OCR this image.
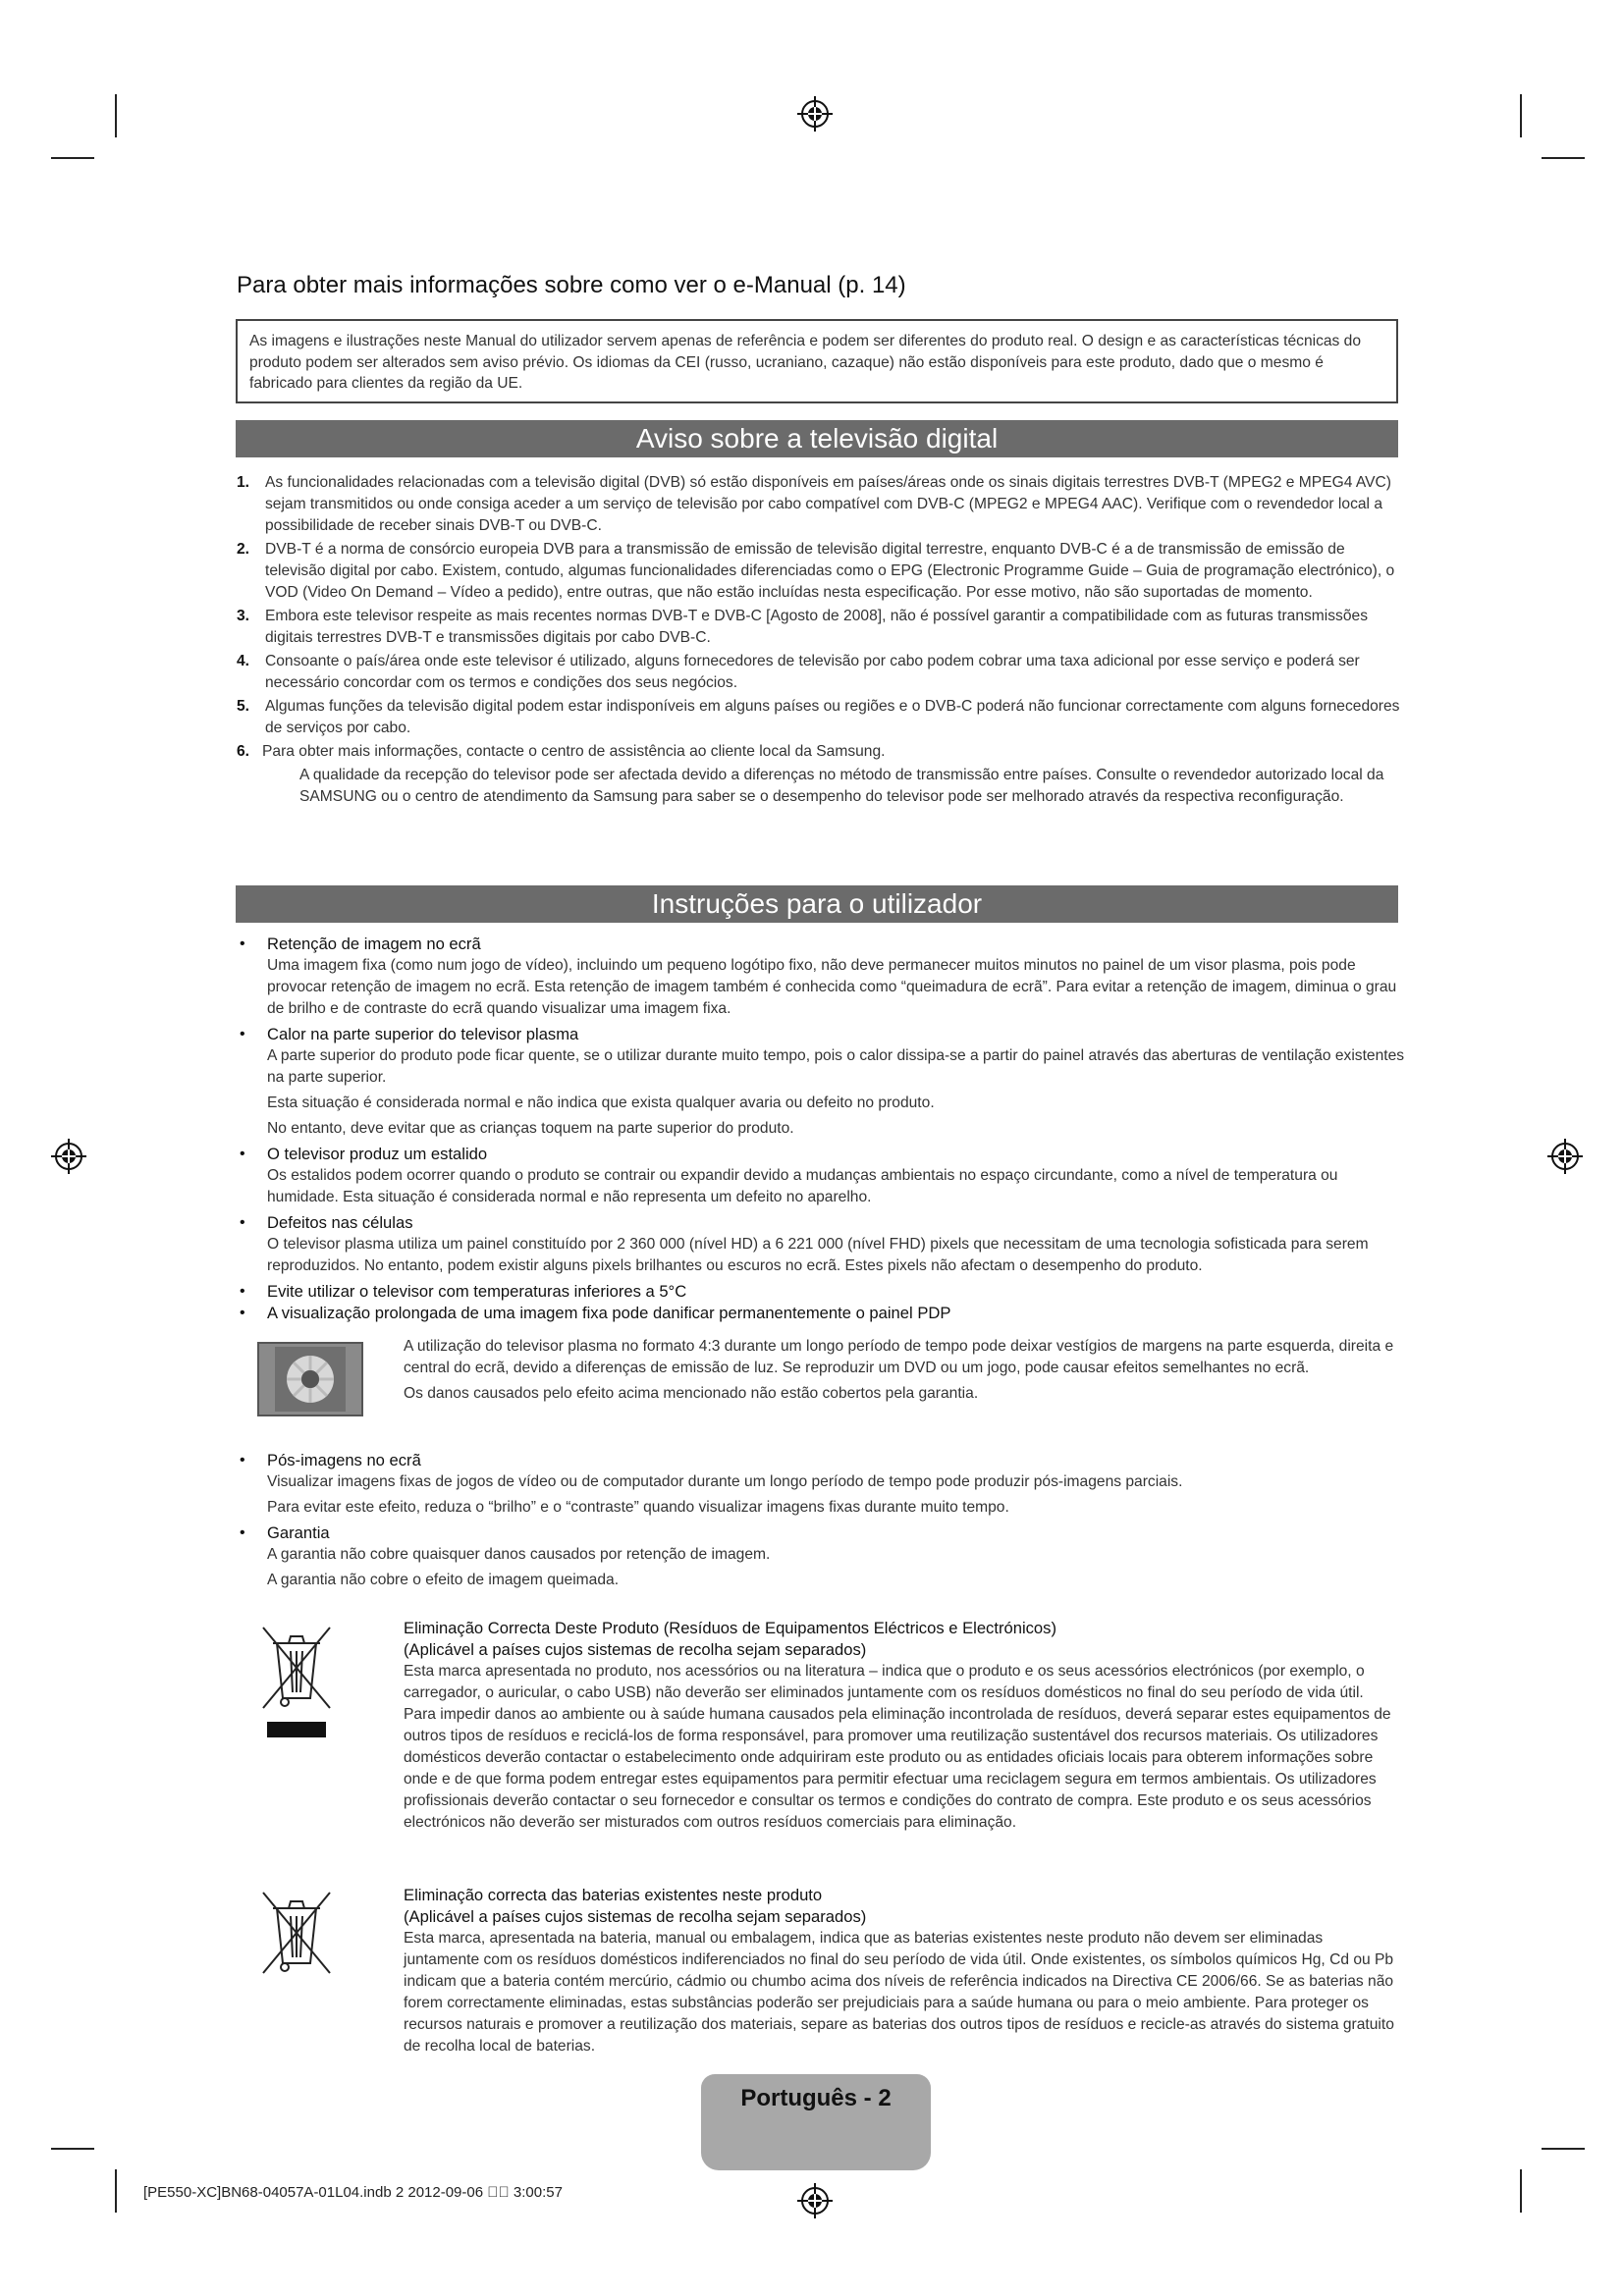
Para obter mais informações sobre como ver o e-Manual (p. 14)
As imagens e ilustrações neste Manual do utilizador servem apenas de referência e podem ser diferentes do produto real. O design e as características técnicas do produto podem ser alterados sem aviso prévio. Os idiomas da CEI (russo, ucraniano, cazaque) não estão disponíveis para este produto, dado que o mesmo é fabricado para clientes da região da UE.
Aviso sobre a televisão digital
1. As funcionalidades relacionadas com a televisão digital (DVB) só estão disponíveis em países/áreas onde os sinais digitais terrestres DVB-T (MPEG2 e MPEG4 AVC) sejam transmitidos ou onde consiga aceder a um serviço de televisão por cabo compatível com DVB-C (MPEG2 e MPEG4 AAC). Verifique com o revendedor local a possibilidade de receber sinais DVB-T ou DVB-C.
2. DVB-T é a norma de consórcio europeia DVB para a transmissão de emissão de televisão digital terrestre, enquanto DVB-C é a de transmissão de emissão de televisão digital por cabo. Existem, contudo, algumas funcionalidades diferenciadas como o EPG (Electronic Programme Guide – Guia de programação electrónico), o VOD (Video On Demand – Vídeo a pedido), entre outras, que não estão incluídas nesta especificação. Por esse motivo, não são suportadas de momento.
3. Embora este televisor respeite as mais recentes normas DVB-T e DVB-C [Agosto de 2008], não é possível garantir a compatibilidade com as futuras transmissões digitais terrestres DVB-T e transmissões digitais por cabo DVB-C.
4. Consoante o país/área onde este televisor é utilizado, alguns fornecedores de televisão por cabo podem cobrar uma taxa adicional por esse serviço e poderá ser necessário concordar com os termos e condições dos seus negócios.
5. Algumas funções da televisão digital podem estar indisponíveis em alguns países ou regiões e o DVB-C poderá não funcionar correctamente com alguns fornecedores de serviços por cabo.
6. Para obter mais informações, contacte o centro de assistência ao cliente local da Samsung.
A qualidade da recepção do televisor pode ser afectada devido a diferenças no método de transmissão entre países. Consulte o revendedor autorizado local da SAMSUNG ou o centro de atendimento da Samsung para saber se o desempenho do televisor pode ser melhorado através da respectiva reconfiguração.
Instruções para o utilizador
• Retenção de imagem no ecrã

Uma imagem fixa (como num jogo de vídeo), incluindo um pequeno logótipo fixo, não deve permanecer muitos minutos no painel de um visor plasma, pois pode provocar retenção de imagem no ecrã. Esta retenção de imagem também é conhecida como “queimadura de ecrã”. Para evitar a retenção de imagem, diminua o grau de brilho e de contraste do ecrã quando visualizar uma imagem fixa.

• Calor na parte superior do televisor plasma

A parte superior do produto pode ficar quente, se o utilizar durante muito tempo, pois o calor dissipa-se a partir do painel através das aberturas de ventilação existentes na parte superior.

Esta situação é considerada normal e não indica que exista qualquer avaria ou defeito no produto.

No entanto, deve evitar que as crianças toquem na parte superior do produto.

• O televisor produz um estalido

Os estalidos podem ocorrer quando o produto se contrair ou expandir devido a mudanças ambientais no espaço circundante, como a nível de temperatura ou humidade. Esta situação é considerada normal e não representa um defeito no aparelho.

• Defeitos nas células

O televisor plasma utiliza um painel constituído por 2 360 000 (nível HD) a 6 221 000 (nível FHD) pixels que necessitam de uma tecnologia sofisticada para serem reproduzidos. No entanto, podem existir alguns pixels brilhantes ou escuros no ecrã. Estes pixels não afectam o desempenho do produto.

• Evite utilizar o televisor com temperaturas inferiores a 5°C
• A visualização prolongada de uma imagem fixa pode danificar permanentemente o painel PDP

A utilização do televisor plasma no formato 4:3 durante um longo período de tempo pode deixar vestígios de margens na parte esquerda, direita e central do ecrã, devido a diferenças de emissão de luz. Se reproduzir um DVD ou um jogo, pode causar efeitos semelhantes no ecrã.

Os danos causados pelo efeito acima mencionado não estão cobertos pela garantia.

• Pós-imagens no ecrã

Visualizar imagens fixas de jogos de vídeo ou de computador durante um longo período de tempo pode produzir pós-imagens parciais.

Para evitar este efeito, reduza o “brilho” e o “contraste” quando visualizar imagens fixas durante muito tempo.

• Garantia

A garantia não cobre quaisquer danos causados por retenção de imagem.

A garantia não cobre o efeito de imagem queimada.

Eliminação Correcta Deste Produto (Resíduos de Equipamentos Eléctricos e Electrónicos)
(Aplicável a países cujos sistemas de recolha sejam separados)
Esta marca apresentada no produto, nos acessórios ou na literatura – indica que o produto e os seus acessórios electrónicos (por exemplo, o carregador, o auricular, o cabo USB) não deverão ser eliminados juntamente com os resíduos domésticos no final do seu período de vida útil. Para impedir danos ao ambiente ou à saúde humana causados pela eliminação incontrolada de resíduos, deverá separar estes equipamentos de outros tipos de resíduos e reciclá-los de forma responsável, para promover uma reutilização sustentável dos recursos materiais. Os utilizadores domésticos deverão contactar o estabelecimento onde adquiriram este produto ou as entidades oficiais locais para obterem informações sobre onde e de que forma podem entregar estes equipamentos para permitir efectuar uma reciclagem segura em termos ambientais. Os utilizadores profissionais deverão contactar o seu fornecedor e consultar os termos e condições do contrato de compra. Este produto e os seus acessórios electrónicos não deverão ser misturados com outros resíduos comerciais para eliminação.
Eliminação correcta das baterias existentes neste produto
(Aplicável a países cujos sistemas de recolha sejam separados)
Esta marca, apresentada na bateria, manual ou embalagem, indica que as baterias existentes neste produto não devem ser eliminadas juntamente com os resíduos domésticos indiferenciados no final do seu período de vida útil. Onde existentes, os símbolos químicos Hg, Cd ou Pb indicam que a bateria contém mercúrio, cádmio ou chumbo acima dos níveis de referência indicados na Directiva CE 2006/66. Se as baterias não forem correctamente eliminadas, estas substâncias poderão ser prejudiciais para a saúde humana ou para o meio ambiente. Para proteger os recursos naturais e promover a reutilização dos materiais, separe as baterias dos outros tipos de resíduos e recicle-as através do sistema gratuito de recolha local de baterias.
Português - 2
[PE550-XC]BN68-04057A-01L04.indb 2 2012-09-06 ￿￿ 3:00:57
